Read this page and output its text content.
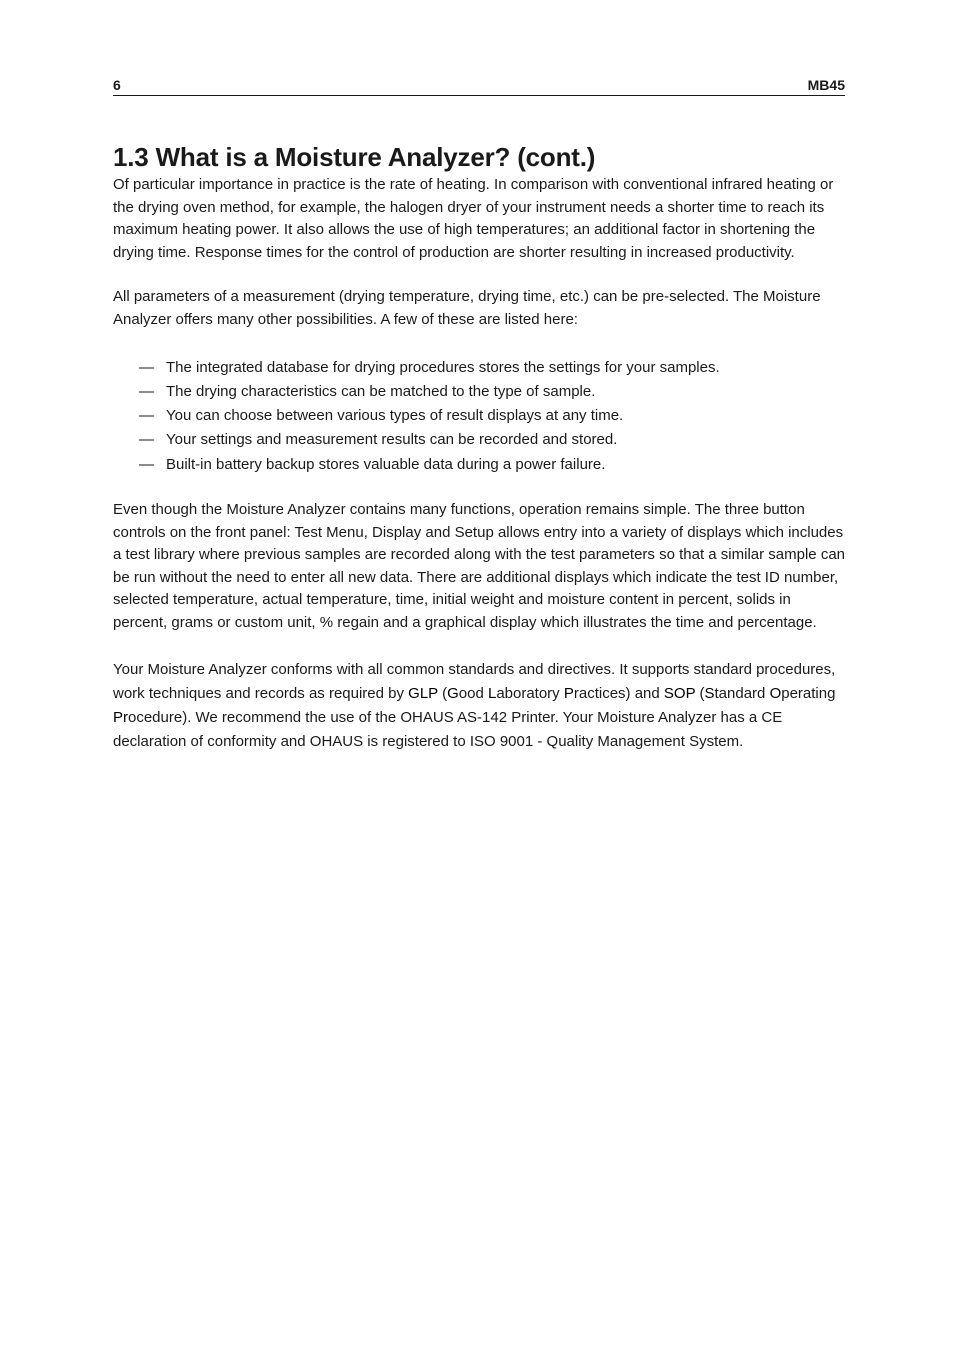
6	MB45
1.3 What is a Moisture Analyzer? (cont.)

Of particular importance in practice is the rate of heating. In comparison with conventional infrared heating or the drying oven method, for example, the halogen dryer of your instrument needs a shorter time to reach its maximum heating power. It also allows the use of high temperatures; an additional factor in shortening the drying time. Response times for the control of production are shorter resulting in increased productivity.

All parameters of a measurement (drying temperature, drying time, etc.) can be pre-selected. The Moisture Analyzer offers many other possibilities. A few of these are listed here:

— The integrated database for drying procedures stores the settings for your samples.
— The drying characteristics can be matched to the type of sample.
— You can choose between various types of result displays at any time.
— Your settings and measurement results can be recorded and stored.
— Built-in battery backup stores valuable data during a power failure.

Even though the Moisture Analyzer contains many functions, operation remains simple. The three button controls on the front panel: Test Menu, Display and Setup allows entry into a variety of displays which includes a test library where previous samples are recorded along with the test parameters so that a similar sample can be run without the need to enter all new data. There are additional displays which indicate the test ID number, selected temperature, actual temperature, time, initial weight and moisture content in percent, solids in percent, grams or custom unit, % regain and a graphical display which illustrates the time and percentage.

Your Moisture Analyzer conforms with all common standards and directives. It supports standard procedures, work techniques and records as required by GLP (Good Laboratory Practices) and SOP (Standard Operating Procedure). We recommend the use of the OHAUS AS-142 Printer. Your Moisture Analyzer has a CE declaration of conformity and OHAUS is registered to ISO 9001 - Quality Management System.
